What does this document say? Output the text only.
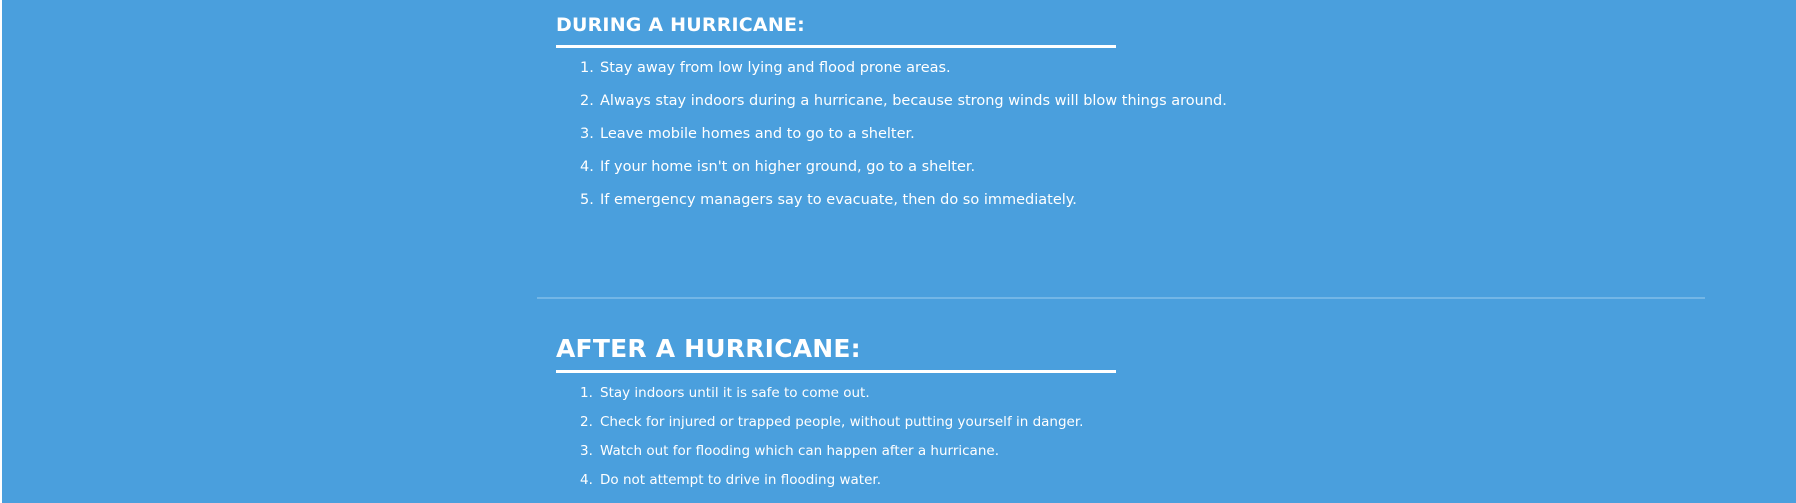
DURING A HURRICANE:
1. Stay away from low lying and flood prone areas.
2. Always stay indoors during a hurricane, because strong winds will blow things around.
3. Leave mobile homes and to go to a shelter.
4. If your home isn't on higher ground, go to a shelter.
5. If emergency managers say to evacuate, then do so immediately.
AFTER A HURRICANE:
1. Stay indoors until it is safe to come out.
2. Check for injured or trapped people, without putting yourself in danger.
3. Watch out for flooding which can happen after a hurricane.
4. Do not attempt to drive in flooding water.
